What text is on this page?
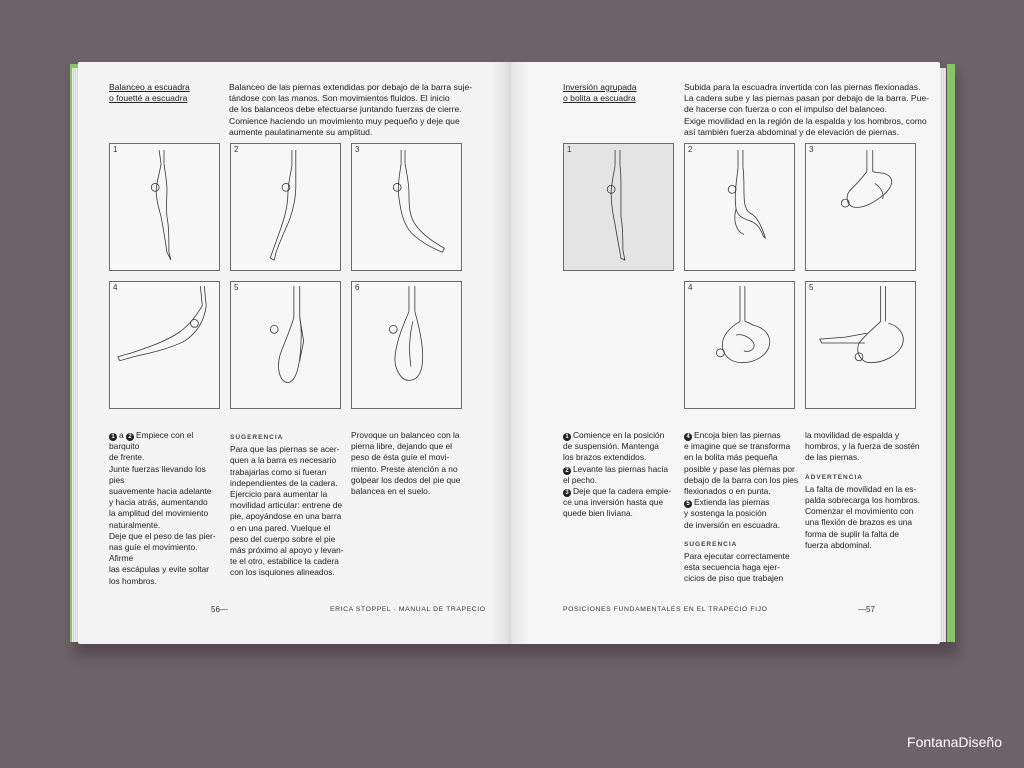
Balanceo a escuadra
o fouetté a escuadra
Balanceo de las piernas extendidas por debajo de la barra suje-
tándose con las manos. Son movimientos fluidos. El inicio
de los balanceos debe efectuarse juntando fuerzas de cierre.
Comience haciendo un movimiento muy pequeño y deje que
aumente paulatinamente su amplitud.
1	2	3
4	5	6

1 a 2 Empiece con el barquito

de frente.

Junte fuerzas llevando los pies

suavemente hacia adelante

y hacia atrás, aumentando

la amplitud del movimiento

naturalmente.

Deje que el peso de las pier-

nas guíe el movimiento. Afirme

las escápulas y evite soltar

los hombros.

SUGERENCIA

Para que las piernas se acer-

quen a la barra es necesario

trabajarlas como si fueran

independientes de la cadera.

Ejercicio para aumentar la

movilidad articular: entrene de

pie, apoyándose en una barra

o en una pared. Vuelque el

peso del cuerpo sobre el pie

más próximo al apoyo y levan-

te el otro, estabilice la cadera

con los isquiones alineados.

Provoque un balanceo con la

pierna libre, dejando que el

peso de ésta guíe el movi-

miento. Preste atención a no

golpear los dedos del pie que

balancea en el suelo.

56—	ERICA STOPPEL · MANUAL DE TRAPECIO
Inversión agrupada
o bolita a escuadra
Subida para la escuadra invertida con las piernas flexionadas.
La cadera sube y las piernas pasan por debajo de la barra. Pue-
de hacerse con fuerza o con el impulso del balanceo.
Exige movilidad en la región de la espalda y los hombros, como
así también fuerza abdominal y de elevación de piernas.
1	2	3
4	5

1 Comience en la posición

de suspensión. Mantenga

los brazos extendidos.

2 Levante las piernas hacia

el pecho.

3 Deje que la cadera empie-

ce una inversión hasta que

quede bien liviana.

4 Encoja bien las piernas

e imagine que se transforma

en la bolita más pequeña

posible y pase las piernas por

debajo de la barra con los pies

flexionados o en punta.

5 Extienda las piernas

y sostenga la posición

de inversión en escuadra.

SUGERENCIA

Para ejecutar correctamente

esta secuencia haga ejer-

cicios de piso que trabajen

la movilidad de espalda y

hombros, y la fuerza de sostén

de las piernas.

ADVERTENCIA

La falta de movilidad en la es-

palda sobrecarga los hombros.

Comenzar el movimiento con

una flexión de brazos es una

forma de suplir la falta de

fuerza abdominal.

POSICIONES FUNDAMENTALES EN EL TRAPECIO FIJO	—57
FontanaDiseño
